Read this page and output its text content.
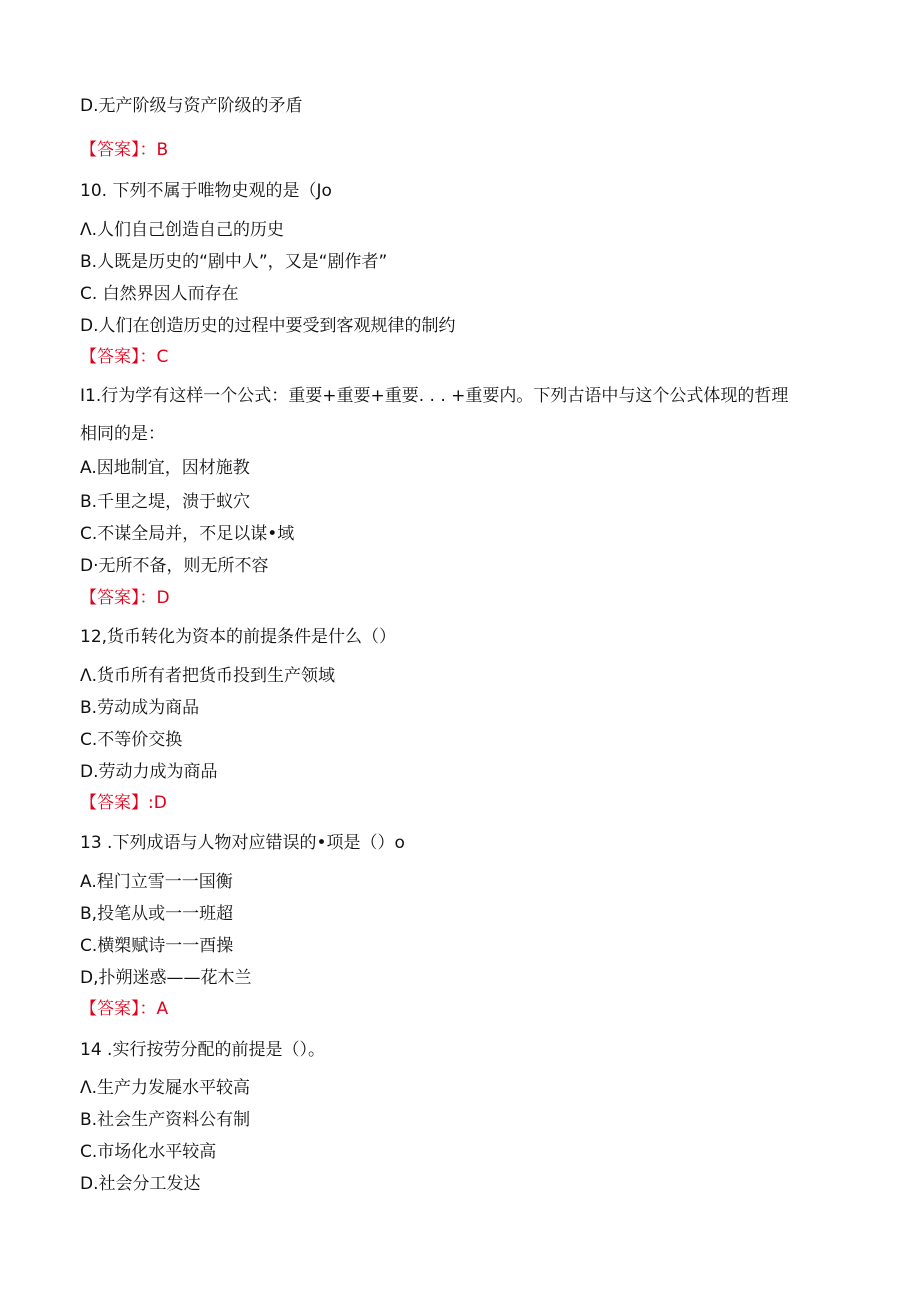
D.无产阶级与资产阶级的矛盾
【答案】：B
10. 下列不属于唯物史观的是（Jo
Λ.人们自己创造自己的历史
B.人既是历史的“剧中人”，又是“剧作者”
C. 白然界因人而存在
D.人们在创造历史的过程中要受到客观规律的制约
【答案】：C
I1.行为学有这样一个公式：重要+重要+重要. . . +重要内。下列古语中与这个公式体现的哲理
相同的是：
A.因地制宜，因材施教
B.千里之堤，溃于蚁穴
C.不谋全局并，不足以谋•域
D·无所不备，则无所不容
【答案】：D
12,货币转化为资本的前提条件是什么（）
Λ.货币所有者把货币投到生产领域
B.劳动成为商品
C.不等价交换
D.劳动力成为商品
【答案】:D
13 .下列成语与人物对应错误的•项是（）o
A.程门立雪一一国衡
B,投笔从或一一班超
C.横槊赋诗一一酉操
D,扑朔迷惑——花木兰
【答案】：A
14 .实行按劳分配的前提是（）。
Λ.生产力发屣水平较高
B.社会生产资料公有制
C.市场化水平较高
D.社会分工发达
